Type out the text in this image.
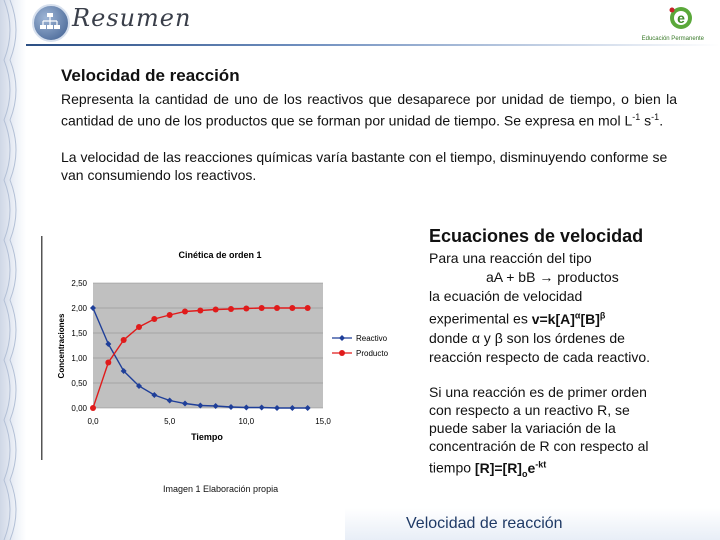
Resumen	e
Educación Permanente
Velocidad de reacción

Representa la cantidad de uno de los reactivos que desaparece por unidad de tiempo, o bien la cantidad de uno de los productos que se forman por unidad de tiempo. Se expresa en mol $L^{-1}$ $s^{-1}$.

La velocidad de las reacciones químicas varía bastante con el tiempo, disminuyendo conforme se van consumiendo los reactivos.

Cinética de orden 1
Tiempo
Concentraciones
0,00
0,50
1,00
1,50
2,00
2,50
0,0	5,0	10,0	15,0
Reactivo
Producto
Imagen 1 Elaboración propia
Ecuaciones de velocidad
Para una reacción del tipo
aA + bB → productos
la ecuación de velocidad
experimental es $v=k[A]^\alpha[B]^\beta$
donde α y β son los órdenes de
reacción respecto de cada reactivo.
Si una reacción es de primer orden
con respecto a un reactivo R, se
puede saber la variación de la
concentración de R con respecto al
tiempo $[R]=[R]_oe^{-kt}$
Velocidad de reacción
